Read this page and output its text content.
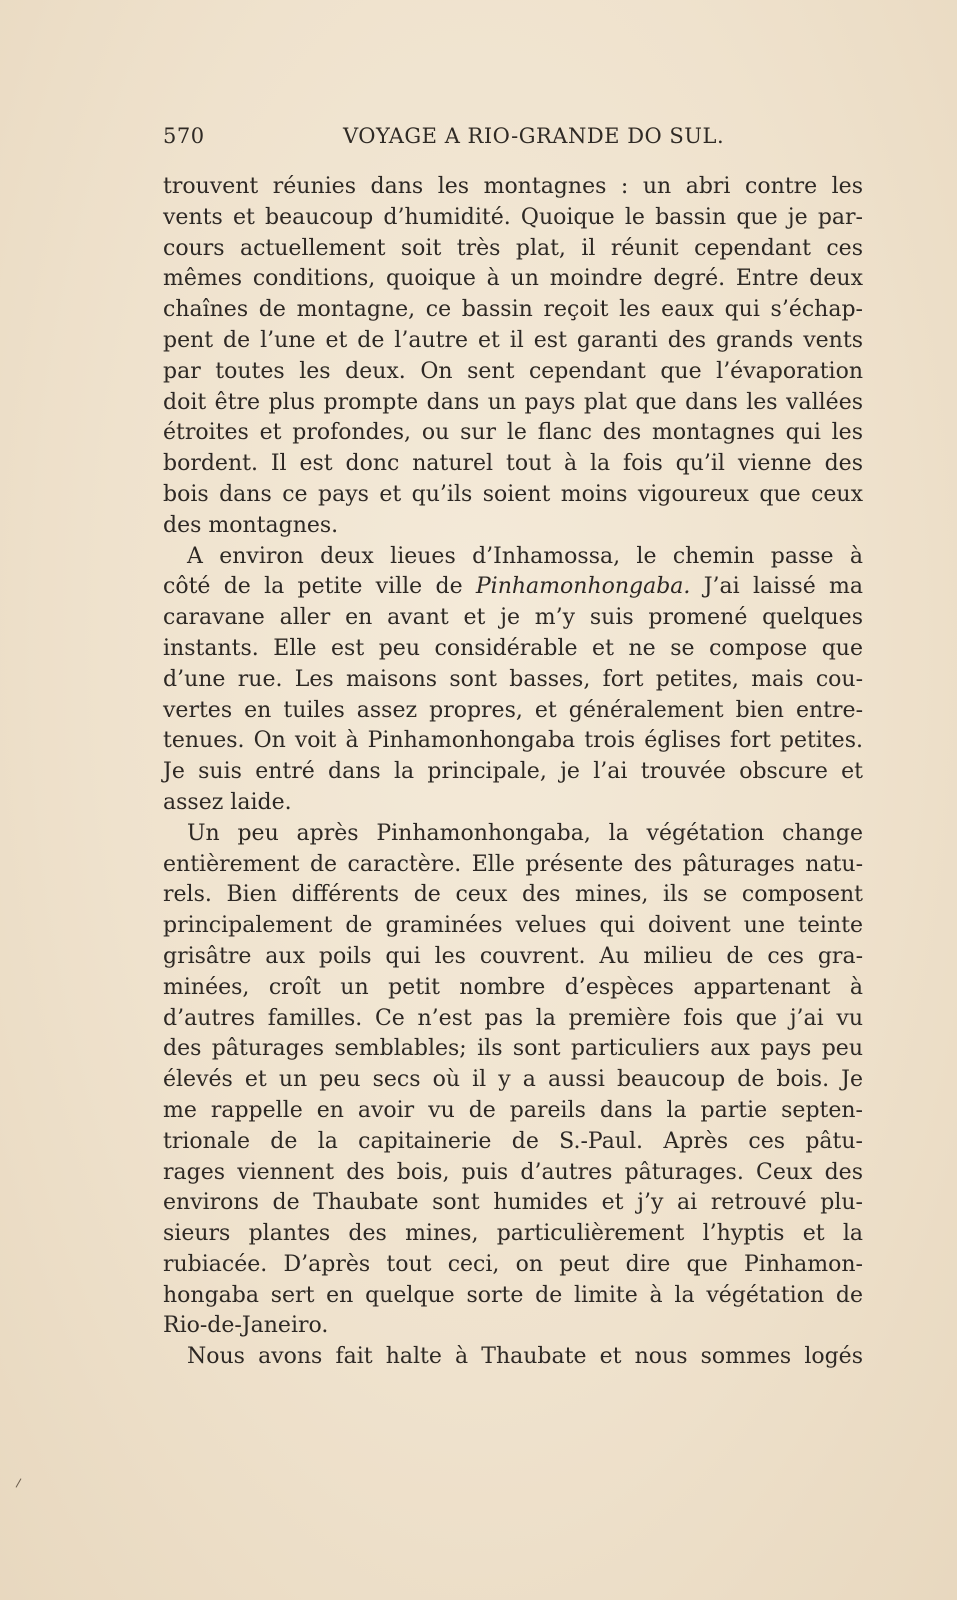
570	VOYAGE A RIO-GRANDE DO SUL.
trouvent réunies dans les montagnes : un abri contre les
vents et beaucoup d’humidité. Quoique le bassin que je par-
cours actuellement soit très plat, il réunit cependant ces
mêmes conditions, quoique à un moindre degré. Entre deux
chaînes de montagne, ce bassin reçoit les eaux qui s’échap-
pent de l’une et de l’autre et il est garanti des grands vents
par toutes les deux. On sent cependant que l’évaporation
doit être plus prompte dans un pays plat que dans les vallées
étroites et profondes, ou sur le flanc des montagnes qui les
bordent. Il est donc naturel tout à la fois qu’il vienne des
bois dans ce pays et qu’ils soient moins vigoureux que ceux
des montagnes.
A environ deux lieues d’Inhamossa, le chemin passe à
côté de la petite ville de Pinhamonhongaba. J’ai laissé ma
caravane aller en avant et je m’y suis promené quelques
instants. Elle est peu considérable et ne se compose que
d’une rue. Les maisons sont basses, fort petites, mais cou-
vertes en tuiles assez propres, et généralement bien entre-
tenues. On voit à Pinhamonhongaba trois églises fort petites.
Je suis entré dans la principale, je l’ai trouvée obscure et
assez laide.
Un peu après Pinhamonhongaba, la végétation change
entièrement de caractère. Elle présente des pâturages natu-
rels. Bien différents de ceux des mines, ils se composent
principalement de graminées velues qui doivent une teinte
grisâtre aux poils qui les couvrent. Au milieu de ces gra-
minées, croît un petit nombre d’espèces appartenant à
d’autres familles. Ce n’est pas la première fois que j’ai vu
des pâturages semblables; ils sont particuliers aux pays peu
élevés et un peu secs où il y a aussi beaucoup de bois. Je
me rappelle en avoir vu de pareils dans la partie septen-
trionale de la capitainerie de S.-Paul. Après ces pâtu-
rages viennent des bois, puis d’autres pâturages. Ceux des
environs de Thaubate sont humides et j’y ai retrouvé plu-
sieurs plantes des mines, particulièrement l’hyptis et la
rubiacée. D’après tout ceci, on peut dire que Pinhamon-
hongaba sert en quelque sorte de limite à la végétation de
Rio-de-Janeiro.
Nous avons fait halte à Thaubate et nous sommes logés
